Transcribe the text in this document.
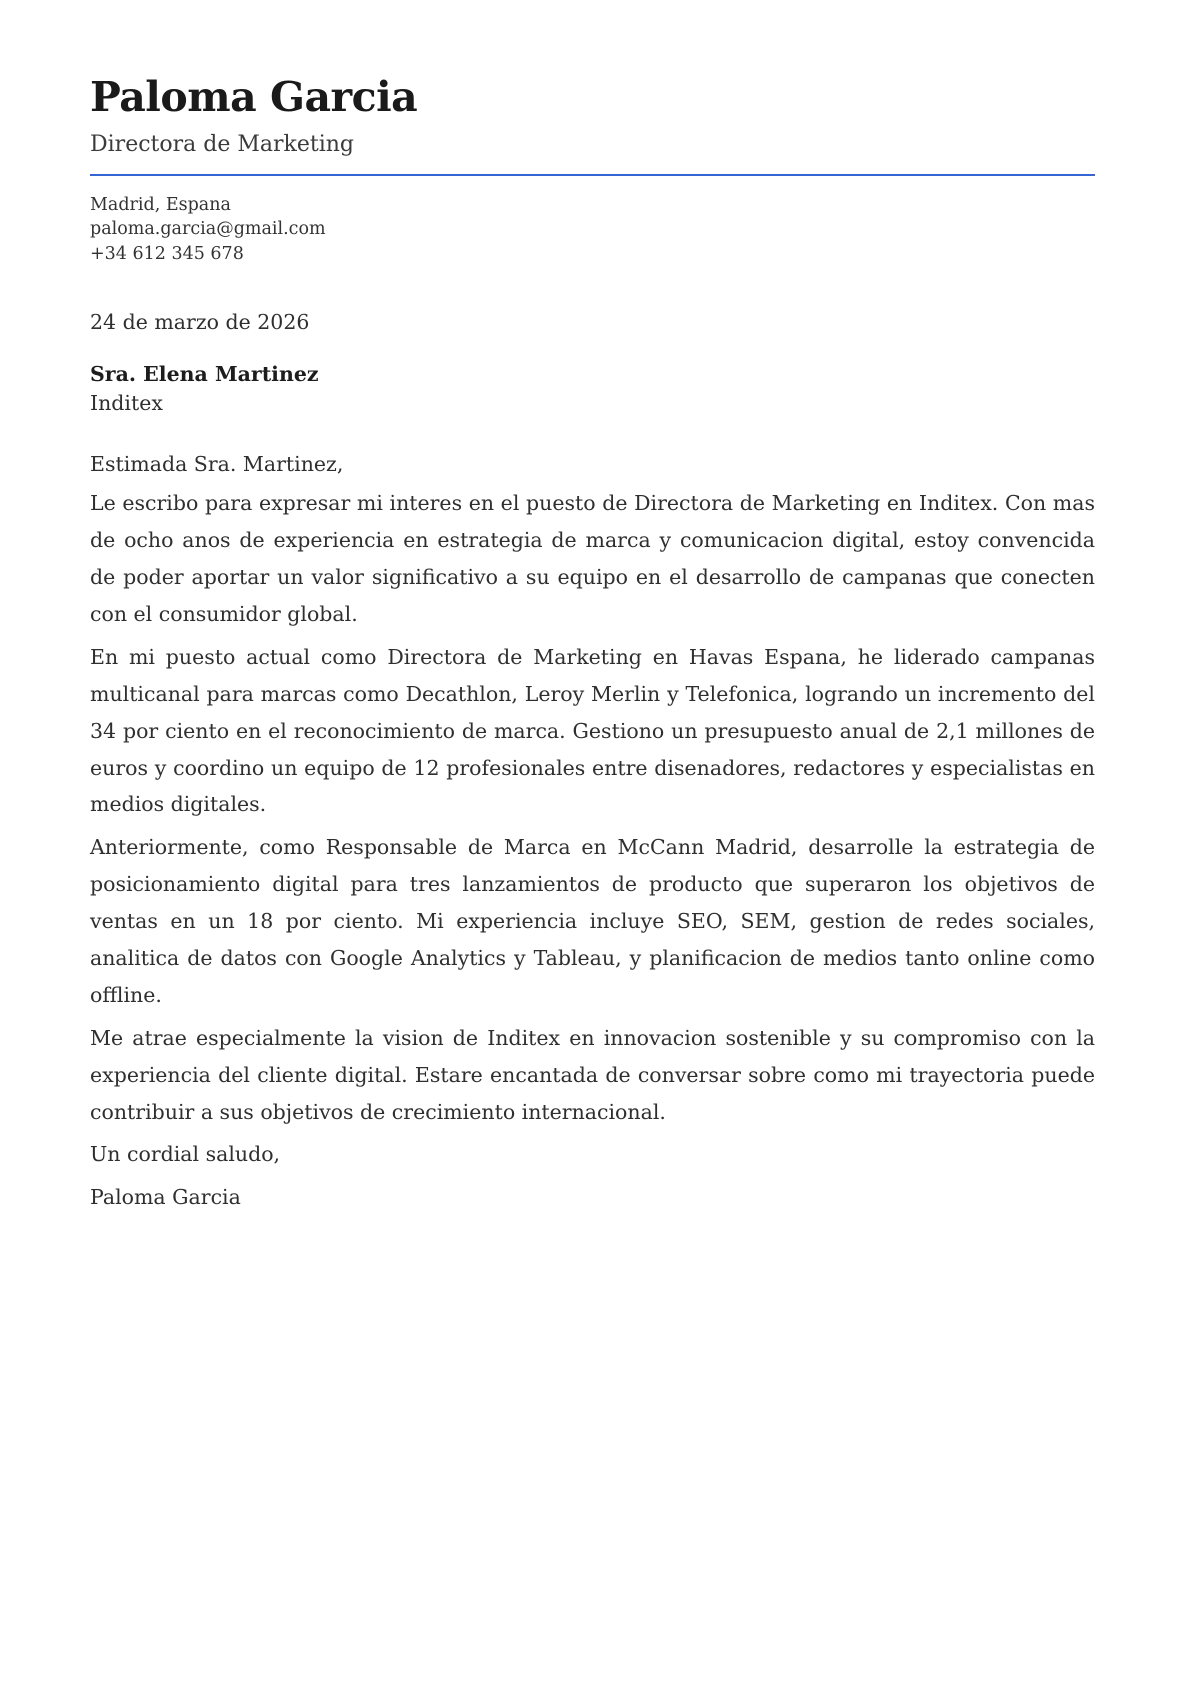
Paloma Garcia
Directora de Marketing
Madrid, Espana
paloma.garcia@gmail.com
+34 612 345 678
24 de marzo de 2026
Sra. Elena Martinez
Inditex

Estimada Sra. Martinez,

Le escribo para expresar mi interes en el puesto de Directora de Marketing en Inditex. Con mas de ocho anos de experiencia en estrategia de marca y comunicacion digital, estoy convencida de poder aportar un valor significativo a su equipo en el desarrollo de campanas que conecten con el consumidor global.

En mi puesto actual como Directora de Marketing en Havas Espana, he liderado campanas multicanal para marcas como Decathlon, Leroy Merlin y Telefonica, logrando un incremento del 34 por ciento en el reconocimiento de marca. Gestiono un presupuesto anual de 2,1 millones de euros y coordino un equipo de 12 profesionales entre disenadores, redactores y especialistas en medios digitales.

Anteriormente, como Responsable de Marca en McCann Madrid, desarrolle la estrategia de posicionamiento digital para tres lanzamientos de producto que superaron los objetivos de ventas en un 18 por ciento. Mi experiencia incluye SEO, SEM, gestion de redes sociales, analitica de datos con Google Analytics y Tableau, y planificacion de medios tanto online como offline.

Me atrae especialmente la vision de Inditex en innovacion sostenible y su compromiso con la experiencia del cliente digital. Estare encantada de conversar sobre como mi trayectoria puede contribuir a sus objetivos de crecimiento internacional.

Un cordial saludo,

Paloma Garcia
